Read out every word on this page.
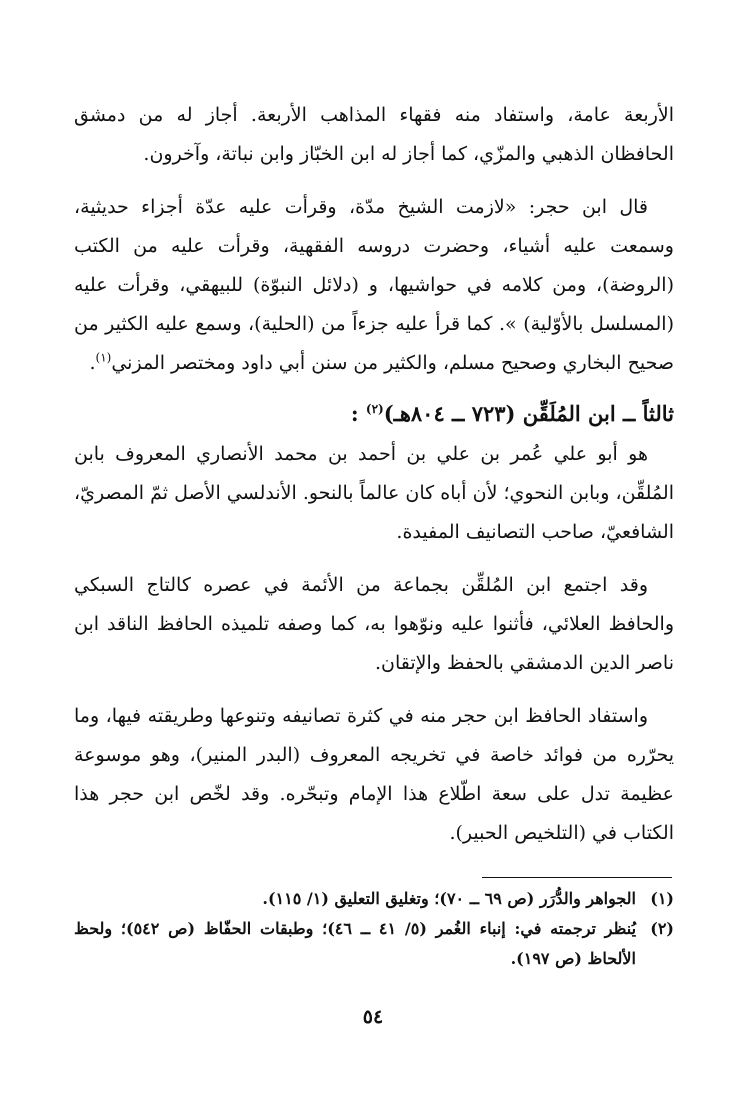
الأربعة عامة، واستفاد منه فقهاء المذاهب الأربعة. أجاز له من دمشق الحافظان الذهبي والمزّي، كما أجاز له ابن الخبّاز وابن نباتة، وآخرون.

قال ابن حجر: «لازمت الشيخ مدّة، وقرأت عليه عدّة أجزاء حديثية، وسمعت عليه أشياء، وحضرت دروسه الفقهية، وقرأت عليه من الكتب (الروضة)، ومن كلامه في حواشيها، و (دلائل النبوّة) للبيهقي، وقرأت عليه (المسلسل بالأوّلية) ». كما قرأ عليه جزءاً من (الحلية)، وسمع عليه الكثير من صحيح البخاري وصحيح مسلم، والكثير من سنن أبي داود ومختصر المزني$^{(١)}$.

ثالثاً ــ ابن المُلَقِّن (٧٢٣ ــ ٨٠٤هـ)$^{(٢)}$ :

هو أبو علي عُمر بن علي بن أحمد بن محمد الأنصاري المعروف بابن المُلقِّن، وبابن النحوي؛ لأن أباه كان عالماً بالنحو. الأندلسي الأصل ثمّ المصريّ، الشافعيّ، صاحب التصانيف المفيدة.

وقد اجتمع ابن المُلقِّن بجماعة من الأئمة في عصره كالتاج السبكي والحافظ العلائي، فأثنوا عليه ونوّهوا به، كما وصفه تلميذه الحافظ الناقد ابن ناصر الدين الدمشقي بالحفظ والإتقان.

واستفاد الحافظ ابن حجر منه في كثرة تصانيفه وتنوعها وطريقته فيها، وما يحرّره من فوائد خاصة في تخريجه المعروف (البدر المنير)، وهو موسوعة عظيمة تدل على سعة اطّلاع هذا الإمام وتبحّره. وقد لخّص ابن حجر هذا الكتاب في (التلخيص الحبير).

(١)
الجواهر والدُّرَر (ص ٦٩ ــ ٧٠)؛ وتغليق التعليق (١/ ١١٥).
(٢)
يُنظر ترجمته في: إنباء الغُمر (٥/ ٤١ ــ ٤٦)؛ وطبقات الحفّاظ (ص ٥٤٢)؛ ولحظ الألحاظ (ص ١٩٧).
٥٤
